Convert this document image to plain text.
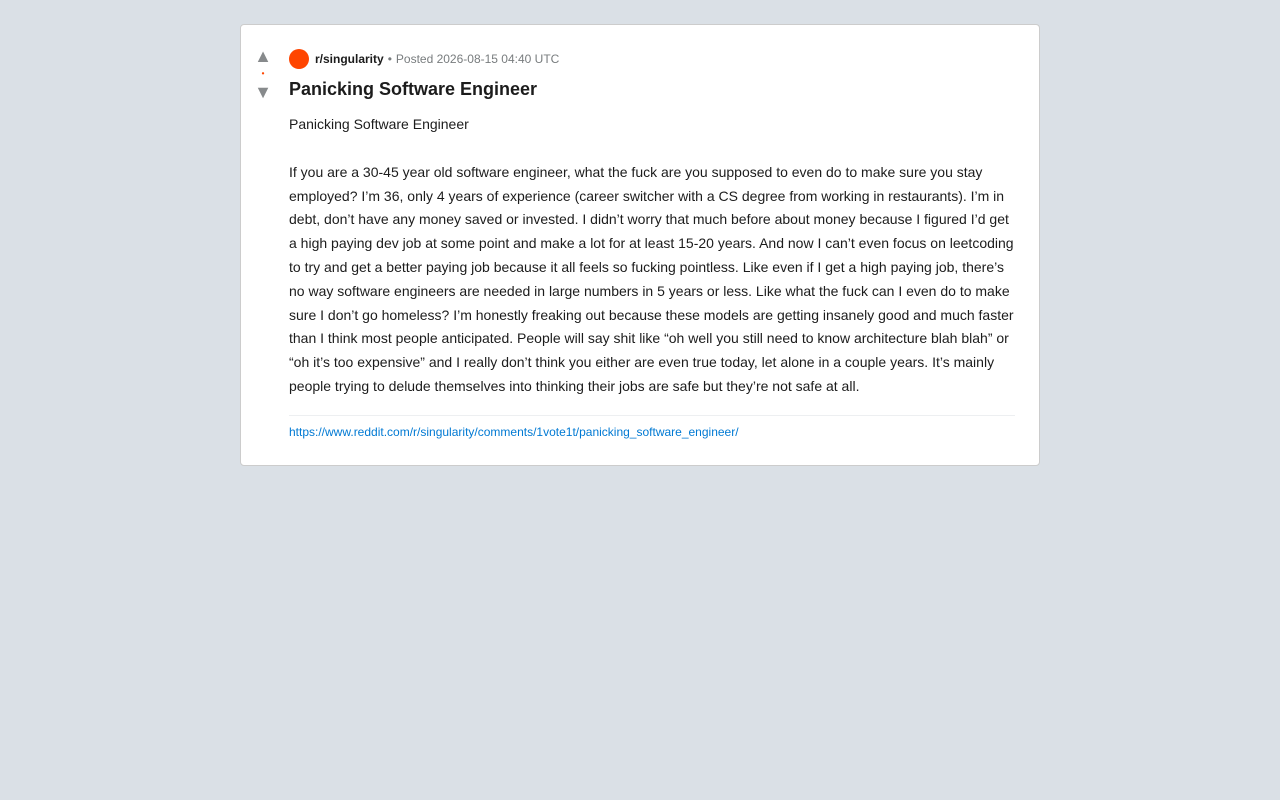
▲
•
▼
r/singularity • Posted 2026-08-15 04:40 UTC
Panicking Software Engineer

Panicking Software Engineer

If you are a 30-45 year old software engineer, what the fuck are you supposed to even do to make sure you stay employed? I’m 36, only 4 years of experience (career switcher with a CS degree from working in restaurants). I’m in debt, don’t have any money saved or invested. I didn’t worry that much before about money because I figured I’d get a high paying dev job at some point and make a lot for at least 15-20 years. And now I can’t even focus on leetcoding to try and get a better paying job because it all feels so fucking pointless. Like even if I get a high paying job, there’s no way software engineers are needed in large numbers in 5 years or less. Like what the fuck can I even do to make sure I don’t go homeless? I’m honestly freaking out because these models are getting insanely good and much faster than I think most people anticipated. People will say shit like “oh well you still need to know architecture blah blah” or “oh it’s too expensive” and I really don’t think you either are even true today, let alone in a couple years. It’s mainly people trying to delude themselves into thinking their jobs are safe but they’re not safe at all.

https://www.reddit.com/r/singularity/comments/1vote1t/panicking_software_engineer/
